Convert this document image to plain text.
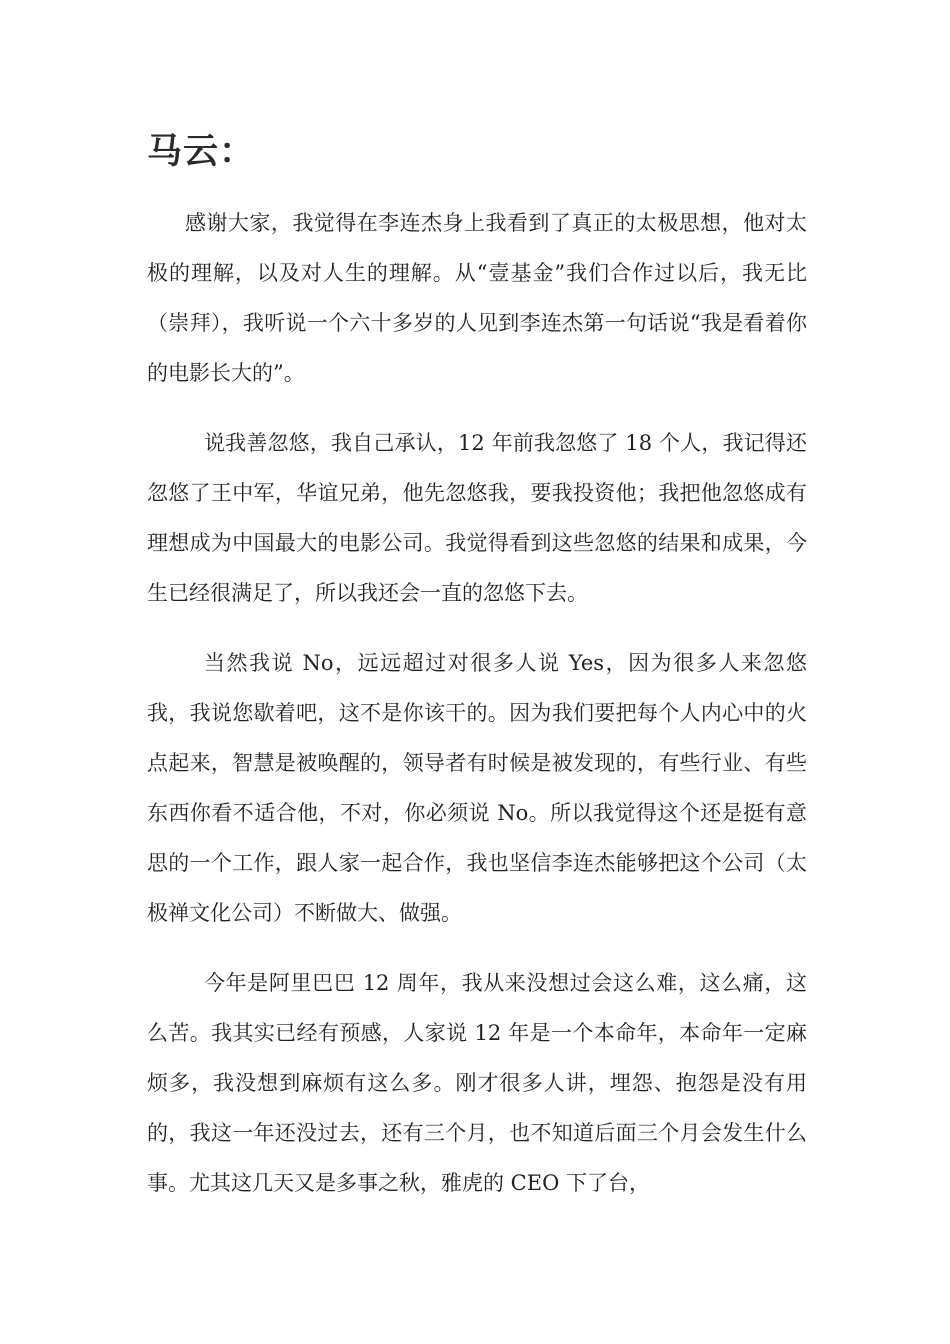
马云：

感谢大家，我觉得在李连杰身上我看到了真正的太极思想，他对太极的理解，以及对人生的理解。从“壹基金”我们合作过以后，我无比（崇拜），我听说一个六十多岁的人见到李连杰第一句话说“我是看着你的电影长大的”。

说我善忽悠，我自己承认，12 年前我忽悠了 18 个人，我记得还忽悠了王中军，华谊兄弟，他先忽悠我，要我投资他；我把他忽悠成有理想成为中国最大的电影公司。我觉得看到这些忽悠的结果和成果，今生已经很满足了，所以我还会一直的忽悠下去。

当然我说 No，远远超过对很多人说 Yes，因为很多人来忽悠我，我说您歇着吧，这不是你该干的。因为我们要把每个人内心中的火点起来，智慧是被唤醒的，领导者有时候是被发现的，有些行业、有些东西你看不适合他，不对，你必须说 No。所以我觉得这个还是挺有意思的一个工作，跟人家一起合作，我也坚信李连杰能够把这个公司（太极禅文化公司）不断做大、做强。

今年是阿里巴巴 12 周年，我从来没想过会这么难，这么痛，这么苦。我其实已经有预感，人家说 12 年是一个本命年，本命年一定麻烦多，我没想到麻烦有这么多。刚才很多人讲，埋怨、抱怨是没有用的，我这一年还没过去，还有三个月，也不知道后面三个月会发生什么事。尤其这几天又是多事之秋，雅虎的 CEO 下了台，
